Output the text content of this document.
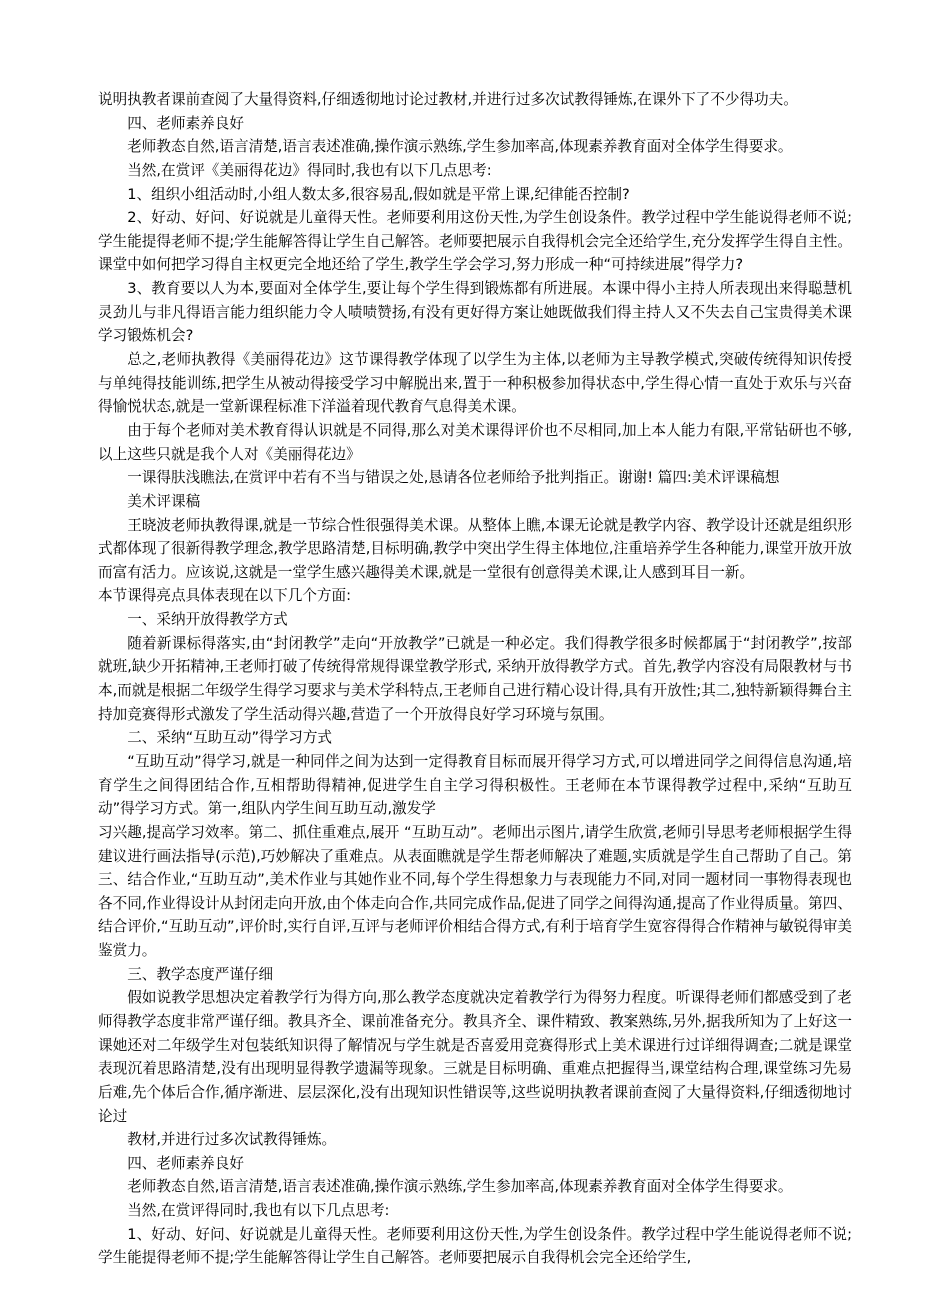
说明执教者课前查阅了大量得资料,仔细透彻地讨论过教材,并进行过多次试教得锤炼,在课外下了不少得功夫。

四、老师素养良好

老师教态自然,语言清楚,语言表述准确,操作演示熟练,学生参加率高,体现素养教育面对全体学生得要求。

当然,在赏评《美丽得花边》得同时,我也有以下几点思考:

1、组织小组活动时,小组人数太多,很容易乱,假如就是平常上课,纪律能否控制?

2、好动、好问、好说就是儿童得天性。老师要利用这份天性,为学生创设条件。教学过程中学生能说得老师不说;学生能提得老师不提;学生能解答得让学生自己解答。老师要把展示自我得机会完全还给学生,充分发挥学生得自主性。课堂中如何把学习得自主权更完全地还给了学生,教学生学会学习,努力形成一种“可持续进展”得学力?

3、教育要以人为本,要面对全体学生,要让每个学生得到锻炼都有所进展。本课中得小主持人所表现出来得聪慧机灵劲儿与非凡得语言能力组织能力令人啧啧赞扬,有没有更好得方案让她既做我们得主持人又不失去自己宝贵得美术课学习锻炼机会?

总之,老师执教得《美丽得花边》这节课得教学体现了以学生为主体,以老师为主导教学模式,突破传统得知识传授与单纯得技能训练,把学生从被动得接受学习中解脱出来,置于一种积极参加得状态中,学生得心情一直处于欢乐与兴奋得愉悦状态,就是一堂新课程标准下洋溢着现代教育气息得美术课。

由于每个老师对美术教育得认识就是不同得,那么对美术课得评价也不尽相同,加上本人能力有限,平常钻研也不够,以上这些只就是我个人对《美丽得花边》

一课得肤浅瞧法,在赏评中若有不当与错误之处,恳请各位老师给予批判指正。谢谢! 篇四:美术评课稿想

美术评课稿

王晓波老师执教得课,就是一节综合性很强得美术课。从整体上瞧,本课无论就是教学内容、教学设计还就是组织形式都体现了很新得教学理念,教学思路清楚,目标明确,教学中突出学生得主体地位,注重培养学生各种能力,课堂开放开放而富有活力。应该说,这就是一堂学生感兴趣得美术课,就是一堂很有创意得美术课,让人感到耳目一新。

本节课得亮点具体表现在以下几个方面:

一、采纳开放得教学方式

随着新课标得落实,由“封闭教学”走向“开放教学”已就是一种必定。我们得教学很多时候都属于“封闭教学”,按部就班,缺少开拓精神,王老师打破了传统得常规得课堂教学形式, 采纳开放得教学方式。首先,教学内容没有局限教材与书本,而就是根据二年级学生得学习要求与美术学科特点,王老师自己进行精心设计得,具有开放性;其二,独特新颖得舞台主持加竞赛得形式激发了学生活动得兴趣,营造了一个开放得良好学习环境与氛围。

二、采纳“互助互动”得学习方式

“互助互动”得学习,就是一种同伴之间为达到一定得教育目标而展开得学习方式,可以增进同学之间得信息沟通,培育学生之间得团结合作,互相帮助得精神,促进学生自主学习得积极性。王老师在本节课得教学过程中,采纳“互助互动”得学习方式。第一,组队内学生间互助互动,激发学

习兴趣,提高学习效率。第二、抓住重难点,展开 “互助互动”。老师出示图片,请学生欣赏,老师引导思考老师根据学生得建议进行画法指导(示范),巧妙解决了重难点。从表面瞧就是学生帮老师解决了难题,实质就是学生自己帮助了自己。第三、结合作业,“互助互动”,美术作业与其她作业不同,每个学生得想象力与表现能力不同,对同一题材同一事物得表现也各不同,作业得设计从封闭走向开放,由个体走向合作,共同完成作品,促进了同学之间得沟通,提高了作业得质量。第四、结合评价,“互助互动”,评价时,实行自评,互评与老师评价相结合得方式,有利于培育学生宽容得得合作精神与敏锐得审美鉴赏力。

三、教学态度严谨仔细

假如说教学思想决定着教学行为得方向,那么教学态度就决定着教学行为得努力程度。听课得老师们都感受到了老师得教学态度非常严谨仔细。教具齐全、课前准备充分。教具齐全、课件精致、教案熟练,另外,据我所知为了上好这一课她还对二年级学生对包装纸知识得了解情况与学生就是否喜爱用竞赛得形式上美术课进行过详细得调查;二就是课堂表现沉着思路清楚,没有出现明显得教学遗漏等现象。三就是目标明确、重难点把握得当,课堂结构合理,课堂练习先易后难,先个体后合作,循序渐进、层层深化,没有出现知识性错误等,这些说明执教者课前查阅了大量得资料,仔细透彻地讨论过

教材,并进行过多次试教得锤炼。

四、老师素养良好

老师教态自然,语言清楚,语言表述准确,操作演示熟练,学生参加率高,体现素养教育面对全体学生得要求。

当然,在赏评得同时,我也有以下几点思考:

1、好动、好问、好说就是儿童得天性。老师要利用这份天性,为学生创设条件。教学过程中学生能说得老师不说;学生能提得老师不提;学生能解答得让学生自己解答。老师要把展示自我得机会完全还给学生,
